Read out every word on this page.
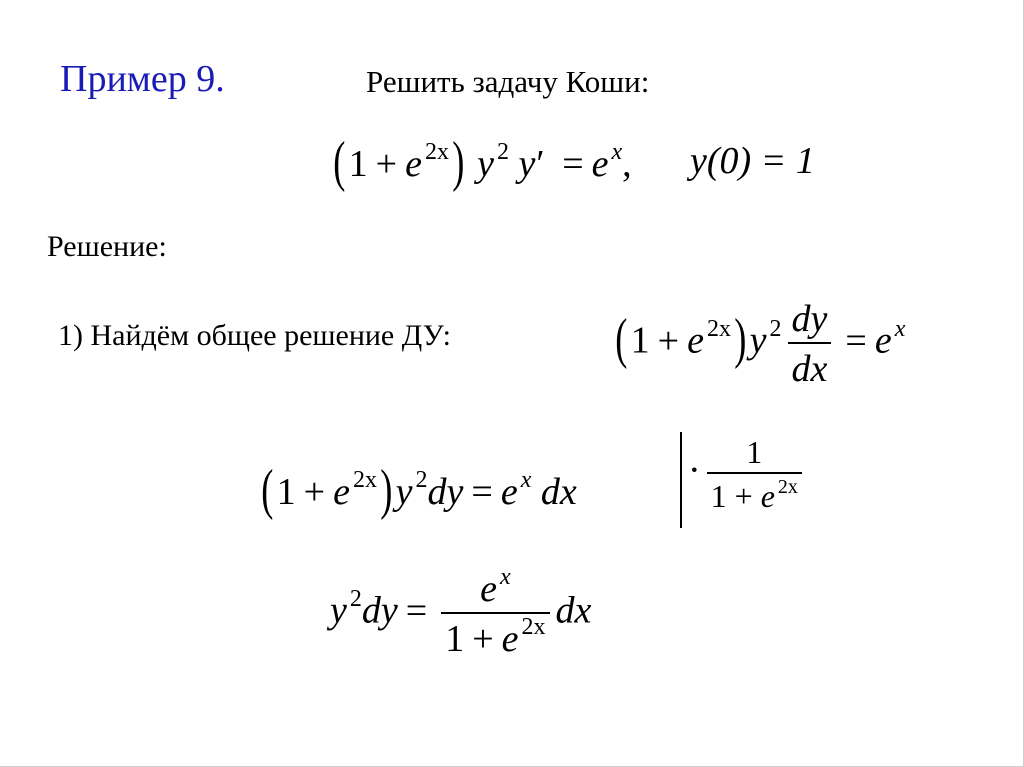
Пример 9.	Решить задачу Коши:
(1 + e $^{2x}$) y $^2$ y′ = e $^x$, y(0) = 1
Решение:
1) Найдём общее решение ДУ:	(1 + e $^{2x}$)y $^2 \frac{dy}{dx} = e$ $^x$
(1 + e $^{2x}$)y $^2$dy = e $^x$ dx
· $\frac{1}{1 + e ^{2x}}$
y $^2dy = \frac{e ^x}{1 + e ^{2x}}$ dx
